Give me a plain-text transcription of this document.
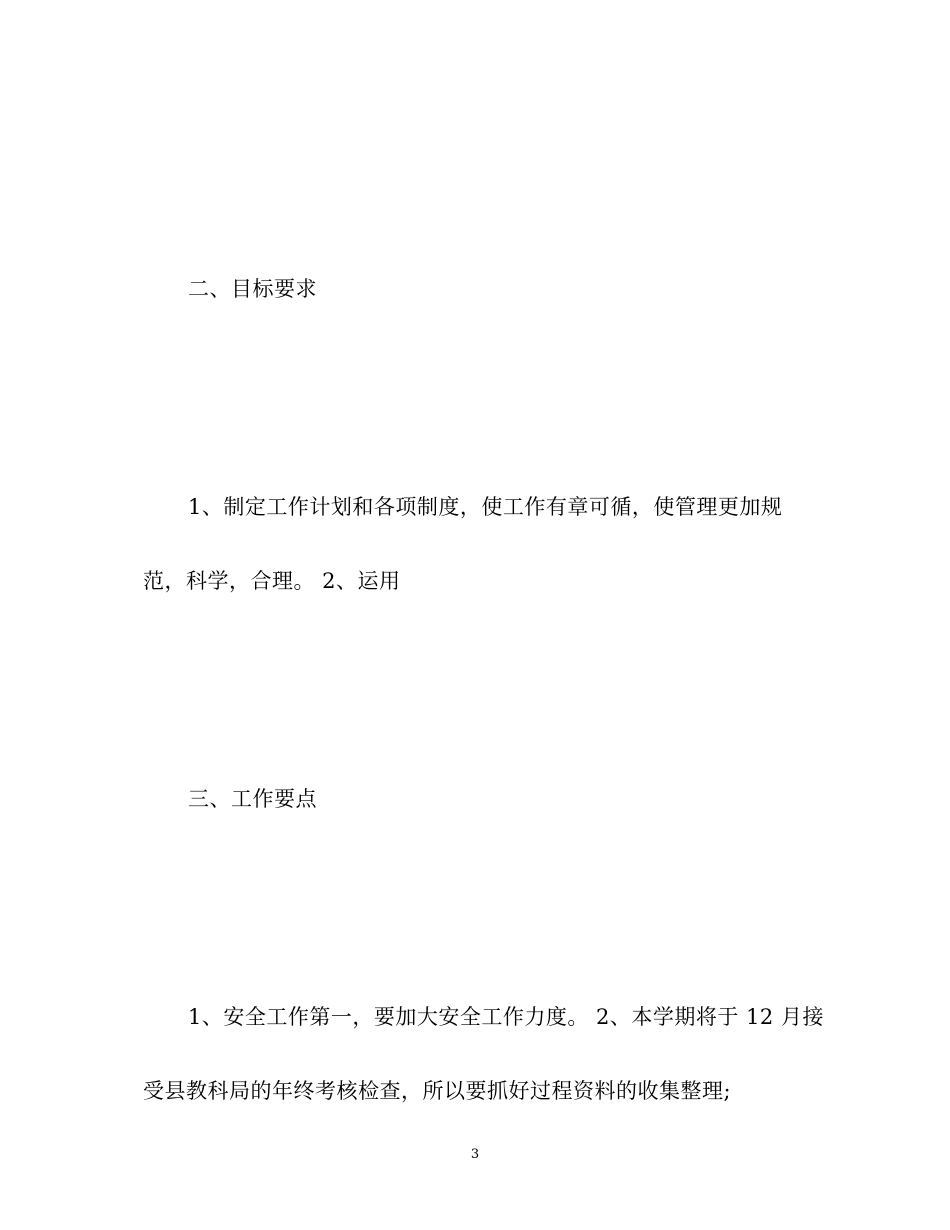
二、目标要求
1、制定工作计划和各项制度，使工作有章可循，使管理更加规
范，科学，合理。 2、运用
三、工作要点
1、安全工作第一，要加大安全工作力度。 2、本学期将于 12 月接
受县教科局的年终考核检查，所以要抓好过程资料的收集整理;
3
